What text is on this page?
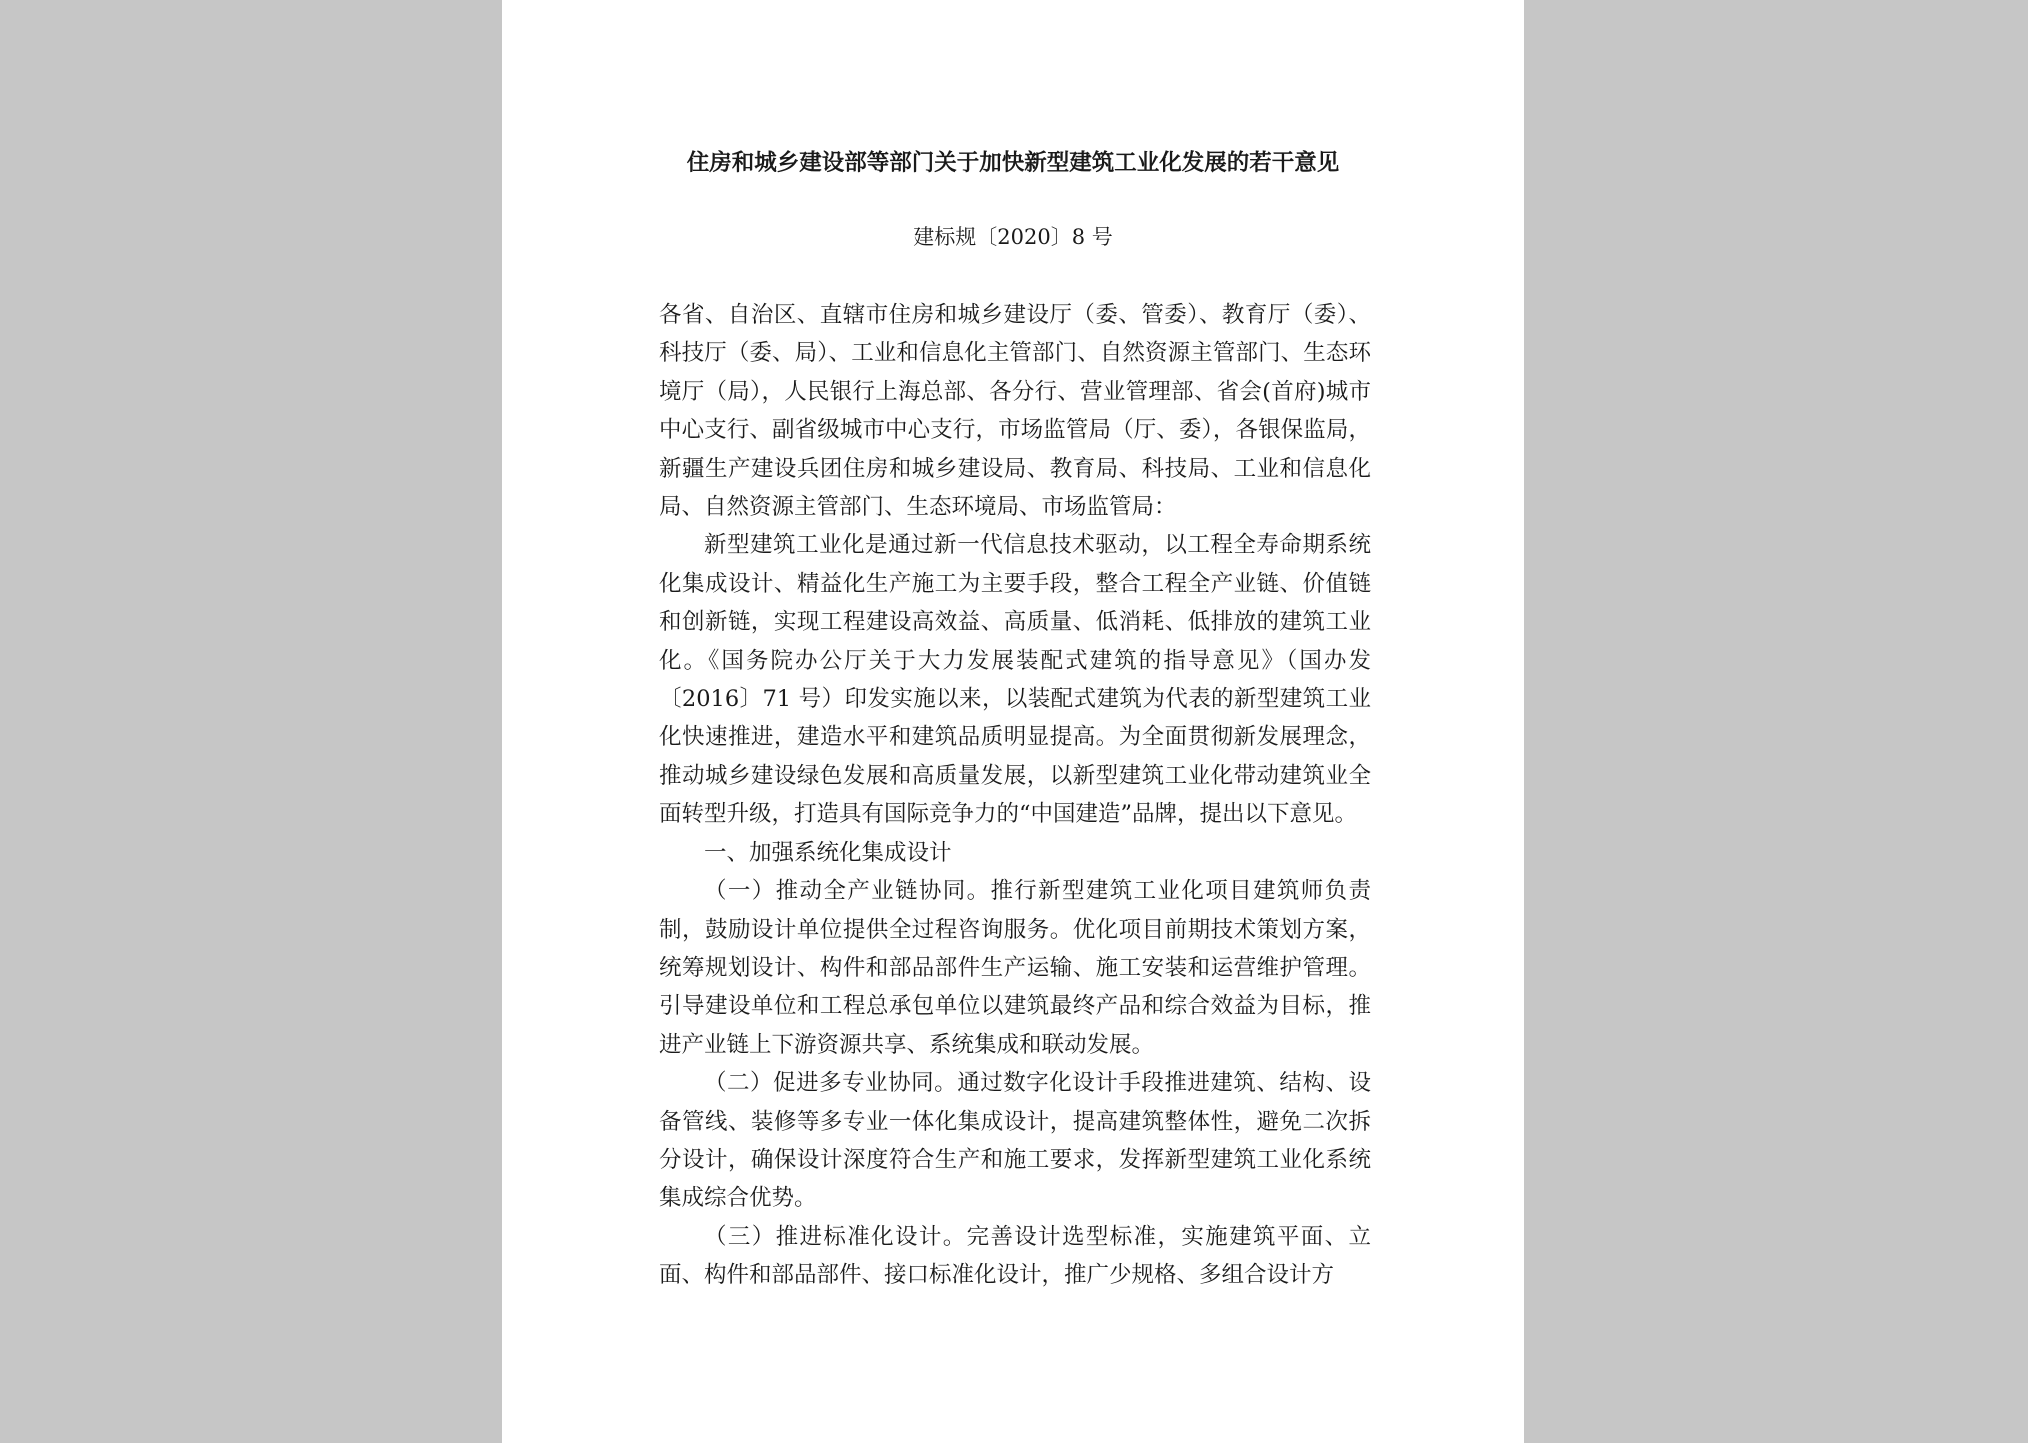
住房和城乡建设部等部门关于加快新型建筑工业化发展的若干意见
建标规〔2020〕8 号

各省、自治区、直辖市住房和城乡建设厅（委、管委）、教育厅（委）、科技厅（委、局）、工业和信息化主管部门、自然资源主管部门、生态环境厅（局），人民银行上海总部、各分行、营业管理部、省会(首府)城市中心支行、副省级城市中心支行，市场监管局（厅、委），各银保监局，新疆生产建设兵团住房和城乡建设局、教育局、科技局、工业和信息化局、自然资源主管部门、生态环境局、市场监管局：

新型建筑工业化是通过新一代信息技术驱动，以工程全寿命期系统化集成设计、精益化生产施工为主要手段，整合工程全产业链、价值链和创新链，实现工程建设高效益、高质量、低消耗、低排放的建筑工业化。《国务院办公厅关于大力发展装配式建筑的指导意见》（国办发〔2016〕71 号）印发实施以来，以装配式建筑为代表的新型建筑工业化快速推进，建造水平和建筑品质明显提高。为全面贯彻新发展理念，推动城乡建设绿色发展和高质量发展，以新型建筑工业化带动建筑业全面转型升级，打造具有国际竞争力的“中国建造”品牌，提出以下意见。

一、加强系统化集成设计

（一）推动全产业链协同。推行新型建筑工业化项目建筑师负责制，鼓励设计单位提供全过程咨询服务。优化项目前期技术策划方案，统筹规划设计、构件和部品部件生产运输、施工安装和运营维护管理。引导建设单位和工程总承包单位以建筑最终产品和综合效益为目标，推进产业链上下游资源共享、系统集成和联动发展。

（二）促进多专业协同。通过数字化设计手段推进建筑、结构、设备管线、装修等多专业一体化集成设计，提高建筑整体性，避免二次拆分设计，确保设计深度符合生产和施工要求，发挥新型建筑工业化系统集成综合优势。

（三）推进标准化设计。完善设计选型标准，实施建筑平面、立面、构件和部品部件、接口标准化设计，推广少规格、多组合设计方
